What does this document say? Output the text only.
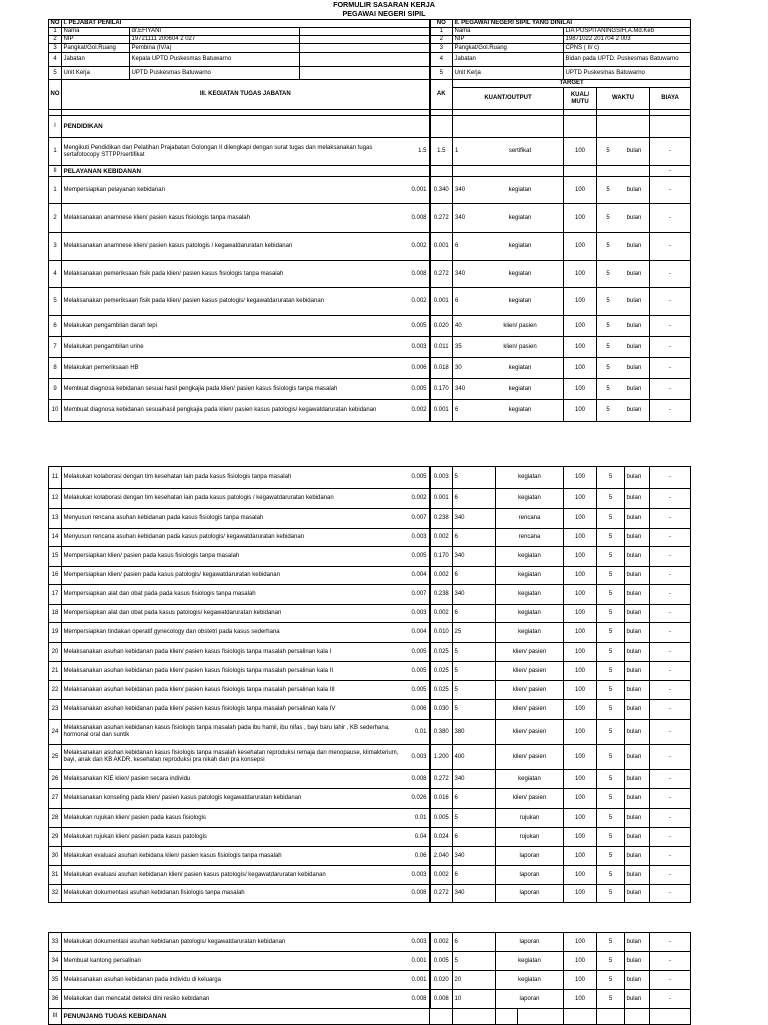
FORMULIR SASARAN KERJA
PEGAWAI NEGERI SIPIL
NO	I. PEJABAT PENILAI			NO	II. PEGAWAI NEGERI SIPIL YANG DINILAI			
1	Nama	dr.EFIYANI		1	Nama	LIA PUSPITANINGSIH,A.Md.Keb		
2	NIP	19721111 200604 2 027		2	NIP	19871022 201704 2 003		
3	Pangkat/Gol.Ruang	Pembina (IV/a)		3	Pangkat/Gol.Ruang	CPNS ( II/ c)		
4	Jabatan	Kepala UPTD Puskesmas Batuwarno		4	Jabatan	Bidan pada UPTD. Puskesmas Batuwarno		
5	Unit Kerja	UPTD Puskesmas Batuwarno		5	Unit Kerja	UPTD Puskesmas Batuwarno		
NO	III. KEGIATAN TUGAS JABATAN			AK	TARGET			
					KUANT/OUTPUT	KUAL/ MUTU	WAKTU	BIAYA

I	PENDIDIKAN							
1	Mengikuti Pendidikan dan Pelatihan Prajabatan Golongan II dilengkapi dengan surat tugas dan melaksanakan tugas sertafotocopy STTPP/sertifikat
1.5			1.5	1 sertifikat	100	5 bulan	-
II	PELAYANAN KEBIDANAN							-
1	Mempersiapkan pelayanan kebidanan 0.001			0.340	340 kegiatan	100	5 bulan	-
2	Melaksanakan anamnese klien/ pasien kasus fisiologis tanpa masalah 0.008			0.272	340 kegiatan	100	5 bulan	-
3	Melaksanakan anamnese klien/ pasien kasus patologis / kegawatdaruratan kebidanan 0.002			0.001	6 kegiatan	100	5 bulan	-
4	Melaksanakan pemeriksaan fisik pada klien/ pasien kasus fisiologis tanpa masalah 0.008			0.272	340 kegiatan	100	5 bulan	-
5	Melaksanakan pemeriksaan fisik pada klien/ pasien kasus patologis/ kegawatdaruratan kebidanan 0.002			0.001	6 kegiatan	100	5 bulan	-
6	Melakukan pengambilan darah tepi 0.005			0.020	40 klien/ pasien	100	5 bulan	-
7	Melakukan pengambilan urine 0.003			0.011	35 klien/ pasien	100	5 bulan	-
8	Melakukan pemeriksaan HB 0.006			0.018	30 kegiatan	100	5 bulan	-
9	Membuat diagnosa kebidanan sesuai hasil pengkajia pada klien/ pasien kasus fisiologis tanpa masalah 0.005			0.170	340 kegiatan	100	5 bulan	-
10	Membuat diagnosa kebidanan sesuaihasil pengkajia pada klien/ pasien kasus patologis/ kegawatdaruratan kebidanan 0.002			0.001	6 kegiatan	100	5 bulan	-
11	Melakukan kolaborasi dengan tim kesehatan lain pada kasus fisiologis tanpa masalah 0.005	0.003	5	kegiatan	100	5	bulan	-
12	Melakukan kolaborasi dengan tim kesehatan lain pada kasus patologis / kegawatdaruratan kebidanan 0.002	0.001	6	kegiatan	100	5	bulan	-
13	Menyusun rencana asuhan kebidanan pada kasus fisiologis tanpa masalah 0.007	0.238	340	rencana	100	5	bulan	-
14	Menyusun rencana asuhan kebidanan pada kasus patologis/ kegawatdaruratan kebidanan 0.003	0.002	6	rencana	100	5	bulan	-
15	Mempersiapkan klien/ pasien pada kasus fisiologis tanpa masalah 0.005	0.170	340	kegiatan	100	5	bulan	-
16	Mempersiapkan klien/ pasien pada kasus patologis/ kegawatdaruratan kebidanan 0.004	0.002	6	kegiatan	100	5	bulan	-
17	Mempersiapkan alat dan obat pada pada kasus fisiologis tanpa masalah 0.007	0.238	340	kegiatan	100	5	bulan	-
18	Mempersiapkan alat dan obat pada kasus patologis/ kegawatdaruratan kebidanan 0.003	0.002	6	kegiatan	100	5	bulan	-
19	Mempersiapkan tindakan operatif gynecology dan obstetri pada kasus sederhana 0.004	0.010	25	kegiatan	100	5	bulan	-
20	Melaksanakan asuhan kebidanan pada klien/ pasien kasus fisiologis tanpa masalah persalinan kala I 0.005	0.025	5	klien/ pasien	100	5	bulan	-
21	Melaksanakan asuhan kebidanan pada klien/ pasien kasus fisiologis tanpa masalah persalinan kala II 0.005	0.025	5	klien/ pasien	100	5	bulan	-
22	Melaksanakan asuhan kebidanan pada klien/ pasien kasus fisiologis tanpa masalah persalinan kala III 0.005	0.025	5	klien/ pasien	100	5	bulan	-
23	Melaksanakan asuhan kebidanan pada klien/ pasien kasus fisiologis tanpa masalah persalinan kala IV 0.006	0.030	5	klien/ pasien	100	5	bulan	-
24	Melaksanakan asuhan kebidanan kasus fisiologis tanpa masalah pada ibu hamil, ibu nifas , bayi baru lahir , KB sederhana, hormonal oral dan suntik
0.01	0.380	380	klien/ pasien	100	5	bulan	-
25	Melaksanakan asuhan kebidanan kasus fisiologis tanpa masalah kesehatan reproduksi remaja dan menopause, klimakterium, bayi, anak dan KB AKDR, kesehatan reproduksi pra nikah dan pra konsepsi
0.003	1.200	400	klien/ pasien	100	5	bulan	-
26	Melaksanakan KIE klien/ pasien secara individu 0.008	0.272	340	kegiatan	100	5	bulan	-
27	Melaksanakan konseling pada klien/ pasien kasus patologis kegawatdaruratan kebidanan 0.026	0.016	6	klien/ pasien	100	5	bulan	-
28	Melakukan rujukan klien/ pasien pada kasus fisiologis 0.01	0.005	5	rujukan	100	5	bulan	-
29	Melakukan rujukan klien/ pasien pada kasus patologis 0.04	0.024	6	rujukan	100	5	bulan	-
30	Melakukan evaluasi asuhan kebidana klien/ pasien kasus fisiologis tanpa masalah 0.06	2.040	340	laporan	100	5	bulan	-
31	Melakukan evaluasi asuhan kebidanan klien/ pasien kasus patologis/ kegawatdaruratan kebidanan 0.003	0.002	6	laporan	100	5	bulan	-
32	Melakukan dokumentasi asuhan kebidanan fisiologis tanpa masalah 0.008	0.272	340	laporan	100	5	bulan	-
33	Melakukan dokumentasi asuhan kebidanan patologis/ kegawatdaruratan kebidanan 0.003	0.002	6	laporan		100	5	bulan	-
34	Membuat kantong persalinan 0.001	0.005	5	kegiatan		100	5	bulan	-
35	Melaksanakan asuhan kebidanan pada individu di keluarga 0.001	0.020	20	kegiatan		100	5	bulan	-
36	Melakukan dan mencatat deteksi dini resiko kebidanan 0.008	0.008	10	laporan		100	5	bulan	-
III	PENUNJANG TUGAS KEBIDANAN								
